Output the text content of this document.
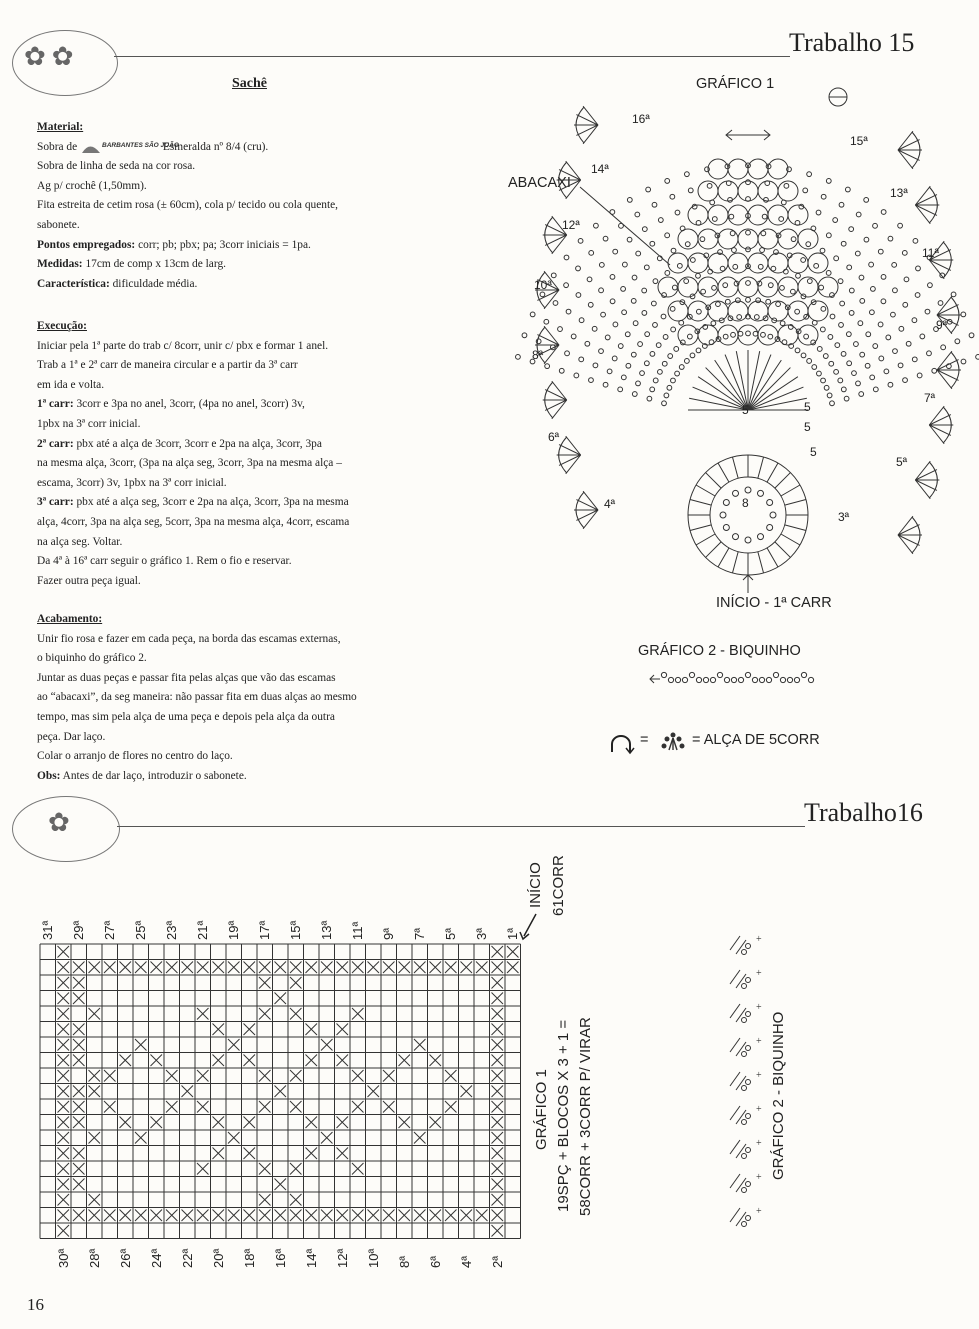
✿✿	Trabalho 15
Sachê

Material:

Sobra de	BARBANTES SÃO JOÃO
Esmeralda nº 8/4 (cru).

Sobra de linha de seda na cor rosa.

Ag p/ crochê (1,50mm).

Fita estreita de cetim rosa (± 60cm), cola p/ tecido ou cola quente,

sabonete.

Pontos empregados: corr; pb; pbx; pa; 3corr iniciais = 1pa.

Medidas: 17cm de comp x 13cm de larg.

Característica: dificuldade média.

Execução:

Iniciar pela 1ª parte do trab c/ 8corr, unir c/ pbx e formar 1 anel.

Trab a 1ª e 2ª carr de maneira circular e a partir da 3ª carr

em ida e volta.

1ª carr: 3corr e 3pa no anel, 3corr, (4pa no anel, 3corr) 3v,

1pbx na 3ª corr inicial.

2ª carr: pbx até a alça de 3corr, 3corr e 2pa na alça, 3corr, 3pa

na mesma alça, 3corr, (3pa na alça seg, 3corr, 3pa na mesma alça –

escama, 3corr) 3v, 1pbx na 3ª corr inicial.

3ª carr: pbx até a alça seg, 3corr e 2pa na alça, 3corr, 3pa na mesma

alça, 4corr, 3pa na alça seg, 5corr, 3pa na mesma alça, 4corr, escama

na alça seg. Voltar.

Da 4ª à 16ª carr seguir o gráfico 1. Rem o fio e reservar.

Fazer outra peça igual.

Acabamento:

Unir fio rosa e fazer em cada peça, na borda das escamas externas,

o biquinho do gráfico 2.

Juntar as duas peças e passar fita pelas alças que vão das escamas

ao “abacaxi”, da seg maneira: não passar fita em duas alças ao mesmo

tempo, mas sim pela alça de uma peça e depois pela alça da outra

peça. Dar laço.

Colar o arranjo de flores no centro do laço.

Obs: Antes de dar laço, introduzir o sabonete.

GRÁFICO 1
ABACAXI
16ª
14ª
12ª
10ª
8ª
6ª
4ª
15ª
13ª
11ª
9ª
7ª
5ª
3ª
5	5
5
5
8
INÍCIO - 1ª CARR
GRÁFICO 2 - BIQUINHO
=	= ALÇA DE 5CORR
✿	Trabalho16
31ª 29ª 27ª 25ª 23ª 21ª 19ª 17ª 15ª 13ª 11ª 9ª 7ª 5ª 3ª 1ª
30ª 28ª 26ª 24ª 22ª 20ª 18ª 16ª 14ª 12ª 10ª 8ª 6ª 4ª 2ª
INÍCIO 61CORR
GRÁFICO 1 19SPÇ + BLOCOS X 3 + 1 = 58CORR + 3CORR P/ VIRAR
+
+
+
+
+
+
+
+
+
GRÁFICO 2 - BIQUINHO
16
